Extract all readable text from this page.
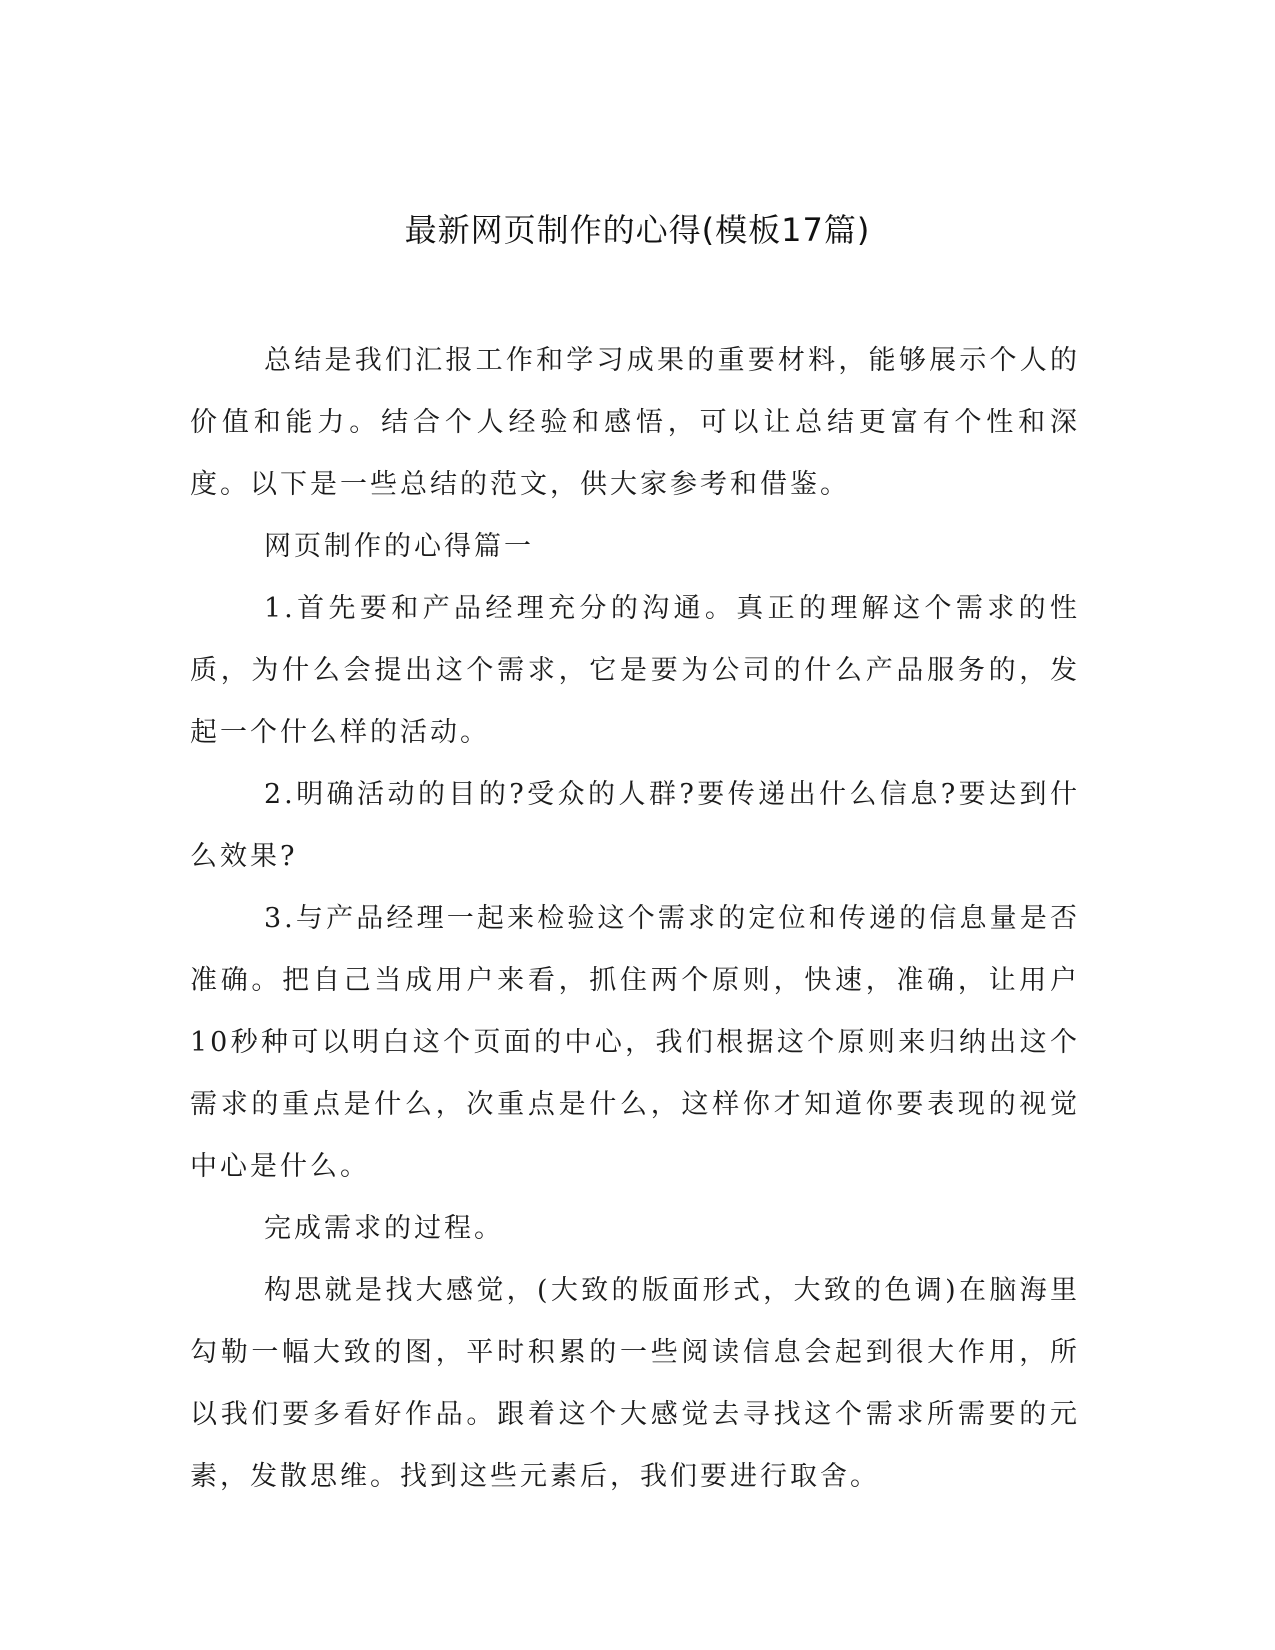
最新网页制作的心得(模板17篇)

总结是我们汇报工作和学习成果的重要材料，能够展示个人的价值和能力。结合个人经验和感悟，可以让总结更富有个性和深度。以下是一些总结的范文，供大家参考和借鉴。

网页制作的心得篇一

1.首先要和产品经理充分的沟通。真正的理解这个需求的性质，为什么会提出这个需求，它是要为公司的什么产品服务的，发起一个什么样的活动。

2.明确活动的目的?受众的人群?要传递出什么信息?要达到什么效果?

3.与产品经理一起来检验这个需求的定位和传递的信息量是否准确。把自己当成用户来看，抓住两个原则，快速，准确，让用户10秒种可以明白这个页面的中心，我们根据这个原则来归纳出这个需求的重点是什么，次重点是什么，这样你才知道你要表现的视觉中心是什么。

完成需求的过程。

构思就是找大感觉，(大致的版面形式，大致的色调)在脑海里勾勒一幅大致的图，平时积累的一些阅读信息会起到很大作用，所以我们要多看好作品。跟着这个大感觉去寻找这个需求所需要的元素，发散思维。找到这些元素后，我们要进行取舍。
